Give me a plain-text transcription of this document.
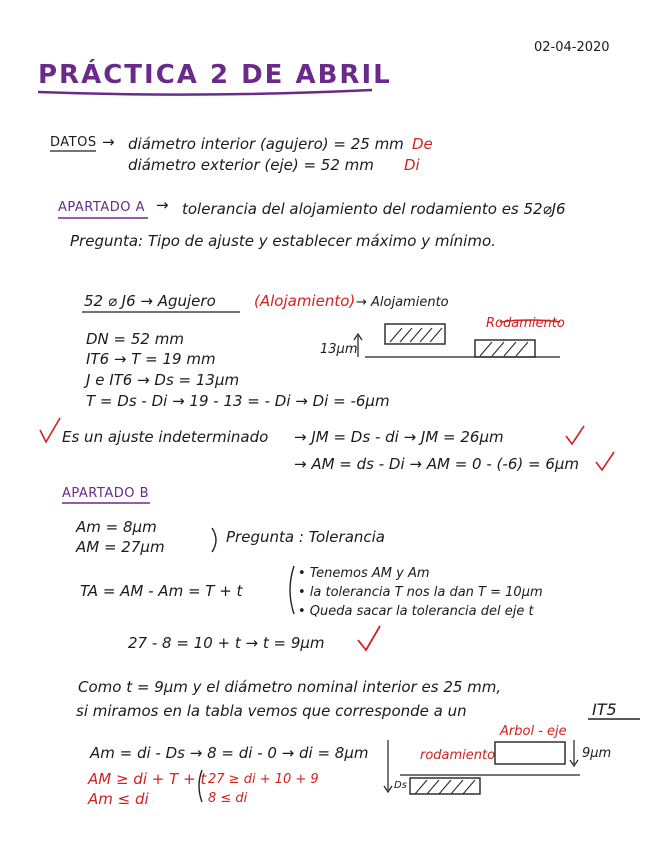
02-04-2020
PRÁCTICA 2 DE ABRIL
DATOS → diámetro interior (agujero) = 25 mm De
diámetro exterior (eje) = 52 mm Di
APARTADO A → tolerancia del alojamiento del rodamiento es 52⌀J6
Pregunta: Tipo de ajuste y establecer máximo y mínimo.
52 ⌀ J6 → Agujero	(Alojamiento) → Alojamiento
Rodamiento
13μm
DN = 52 mm
IT6 → T = 19 mm
J e IT6 → Ds = 13μm
T = Ds - Di → 19 - 13 = - Di → Di = -6μm
Es un ajuste indeterminado → JM = Ds - di → JM = 26μm
→ AM = ds - Di → AM = 0 - (-6) = 6μm
APARTADO B
Am = 8μm
AM = 27μm
Pregunta : Tolerancia
TA = AM - Am = T + t
• Tenemos AM y Am
• la tolerancia T nos la dan T = 10μm
• Queda sacar la tolerancia del eje t
27 - 8 = 10 + t → t = 9μm
Como t = 9μm y el diámetro nominal interior es 25 mm,
si miramos en la tabla vemos que corresponde a un	IT5
Am = di - Ds → 8 = di - 0 → di = 8μm
AM ≥ di + T + t
Am ≤ di
27 ≥ di + 10 + 9
8 ≤ di
Arbol - eje
rodamiento	9μm
Ds
